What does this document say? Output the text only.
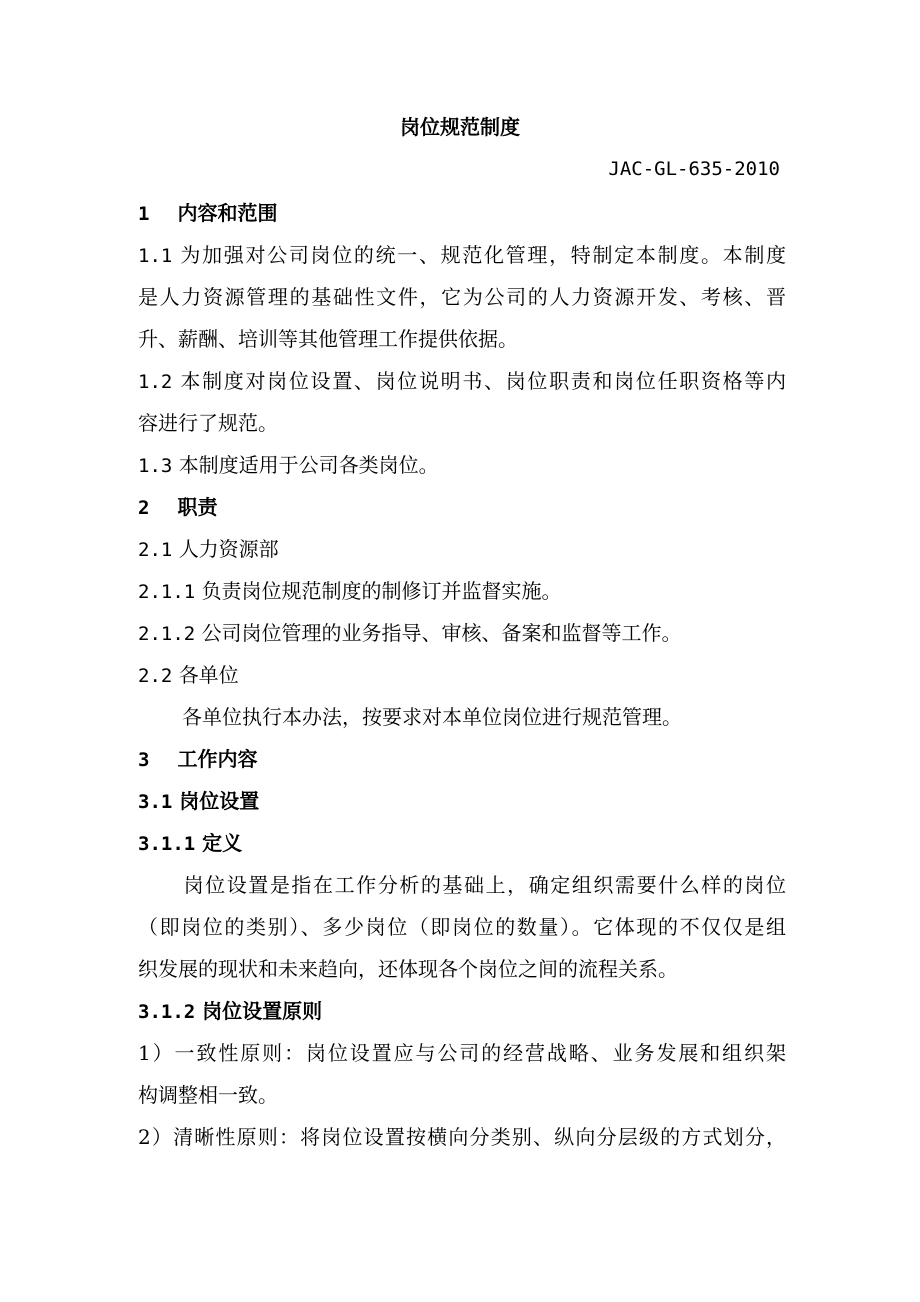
岗位规范制度
JAC-GL-635-2010
1 内容和范围
1.1 为加强对公司岗位的统一、规范化管理，特制定本制度。本制度
是人力资源管理的基础性文件，它为公司的人力资源开发、考核、晋
升、薪酬、培训等其他管理工作提供依据。
1.2 本制度对岗位设置、岗位说明书、岗位职责和岗位任职资格等内
容进行了规范。
1.3 本制度适用于公司各类岗位。
2 职责
2.1 人力资源部
2.1.1 负责岗位规范制度的制修订并监督实施。
2.1.2 公司岗位管理的业务指导、审核、备案和监督等工作。
2.2 各单位
各单位执行本办法，按要求对本单位岗位进行规范管理。
3 工作内容
3.1 岗位设置
3.1.1 定义
岗位设置是指在工作分析的基础上，确定组织需要什么样的岗位
（即岗位的类别）、多少岗位（即岗位的数量）。它体现的不仅仅是组
织发展的现状和未来趋向，还体现各个岗位之间的流程关系。
3.1.2 岗位设置原则
1）一致性原则：岗位设置应与公司的经营战略、业务发展和组织架
构调整相一致。
2）清晰性原则：将岗位设置按横向分类别、纵向分层级的方式划分，
